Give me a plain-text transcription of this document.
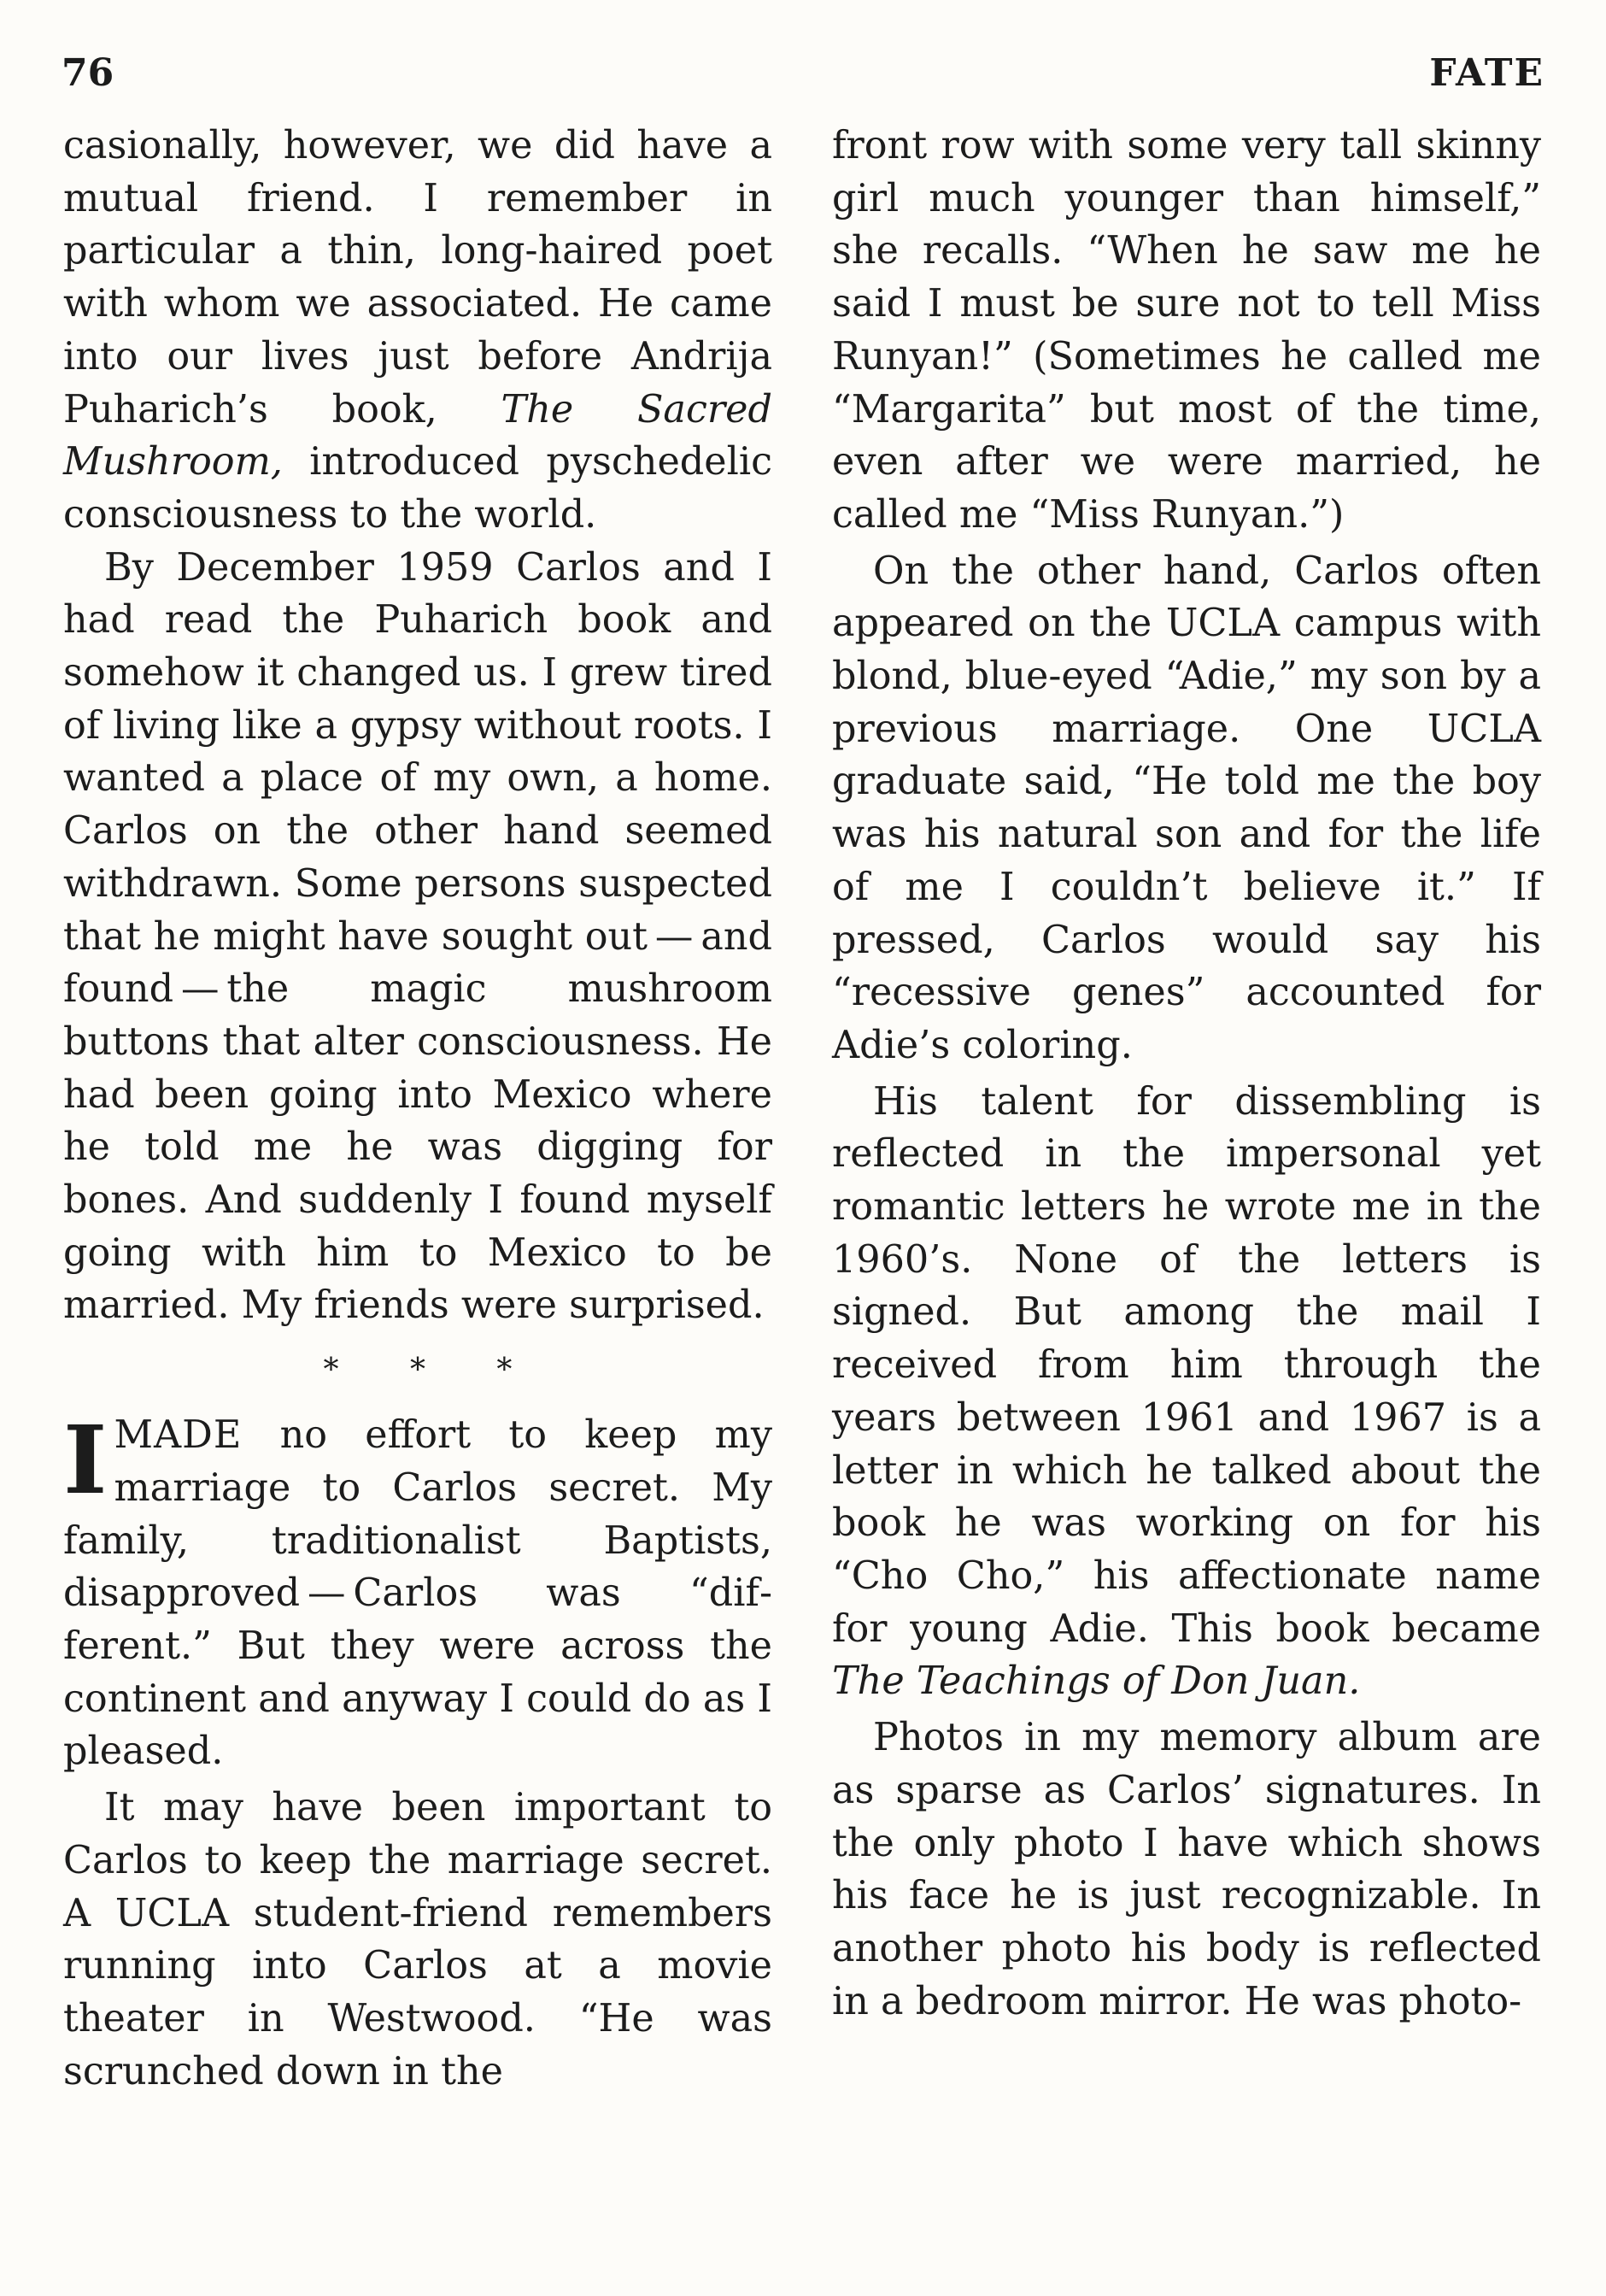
76	FATE

casionally, however, we did have a mutual friend. I remember in particular a thin, long-haired poet with whom we associated. He came into our lives just before Andrija Puharich’s book, The Sacred Mushroom, introduced pyschedelic consciousness to the world.

By December 1959 Carlos and I had read the Puharich book and somehow it changed us. I grew tired of living like a gypsy without roots. I wanted a place of my own, a home. Carlos on the other hand seemed withdrawn. Some persons suspected that he might have sought out — and found — the magic mushroom buttons that alter consciousness. He had been going into Mexico where he told me he was digging for bones. And suddenly I found myself going with him to Mexico to be married. My friends were surprised.

* * *

IMADE no effort to keep my marriage to Carlos secret. My family, traditionalist Baptists, disapproved — Carlos was “different.” But they were across the continent and anyway I could do as I pleased.

It may have been important to Carlos to keep the marriage secret. A UCLA student-friend remembers running into Carlos at a movie theater in Westwood. “He was scrunched down in the

front row with some very tall skinny girl much younger than himself,” she recalls. “When he saw me he said I must be sure not to tell Miss Runyan!” (Sometimes he called me “Margarita” but most of the time, even after we were married, he called me “Miss Runyan.”)

On the other hand, Carlos often appeared on the UCLA campus with blond, blue-eyed “Adie,” my son by a previous marriage. One UCLA graduate said, “He told me the boy was his natural son and for the life of me I couldn’t believe it.” If pressed, Carlos would say his “recessive genes” accounted for Adie’s coloring.

His talent for dissembling is reflected in the impersonal yet romantic letters he wrote me in the 1960’s. None of the letters is signed. But among the mail I received from him through the years between 1961 and 1967 is a letter in which he talked about the book he was working on for his “Cho Cho,” his affectionate name for young Adie. This book became The Teachings of Don Juan.

Photos in my memory album are as sparse as Carlos’ signatures. In the only photo I have which shows his face he is just recognizable. In another photo his body is reflected in a bedroom mirror. He was photo-
